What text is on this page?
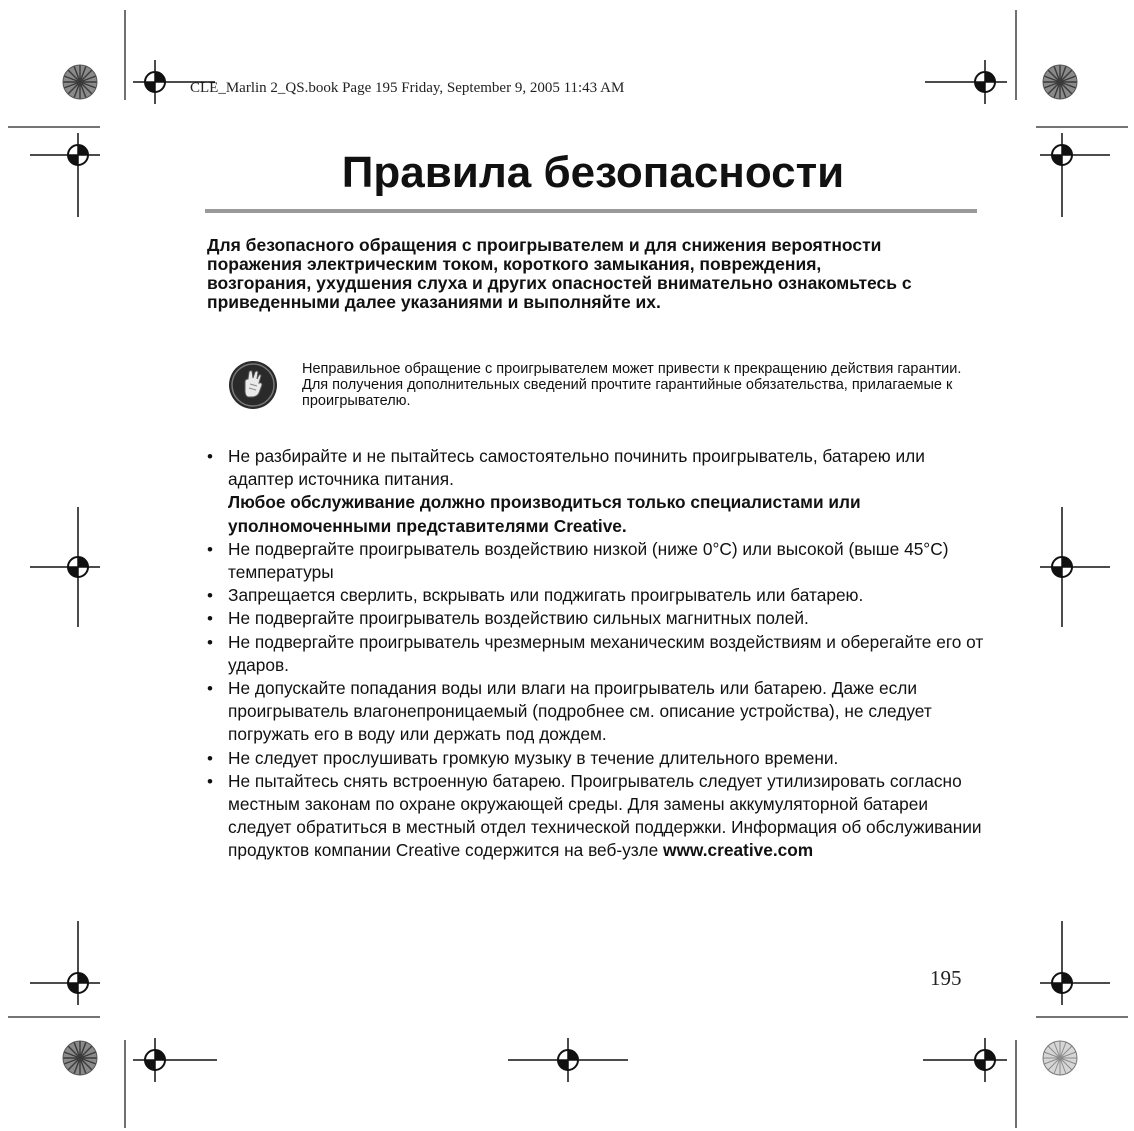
CLE_Marlin 2_QS.book Page 195 Friday, September 9, 2005 11:43 AM
Правила безопасности
Для безопасного обращения с проигрывателем и для снижения вероятности поражения электрическим током, короткого замыкания, повреждения, возгорания, ухудшения слуха и других опасностей внимательно ознакомьтесь с приведенными далее указаниями и выполняйте их.
Неправильное обращение с проигрывателем может привести к прекращению действия гарантии.
Для получения дополнительных сведений прочтите гарантийные обязательства, прилагаемые к проигрывателю.
• Не разбирайте и не пытайтесь самостоятельно починить проигрыватель, батарею или адаптер источника питания.
Любое обслуживание должно производиться только специалистами или уполномоченными представителями Creative.
• Не подвергайте проигрыватель воздействию низкой (ниже 0°C) или высокой (выше 45°C) температуры
• Запрещается сверлить, вскрывать или поджигать проигрыватель или батарею.
• Не подвергайте проигрыватель воздействию сильных магнитных полей.
• Не подвергайте проигрыватель чрезмерным механическим воздействиям и оберегайте его от ударов.
• Не допускайте попадания воды или влаги на проигрыватель или батарею. Даже если проигрыватель влагонепроницаемый (подробнее см. описание устройства), не следует погружать его в воду или держать под дождем.
• Не следует прослушивать громкую музыку в течение длительного времени.
• Не пытайтесь снять встроенную батарею. Проигрыватель следует утилизировать согласно местным законам по охране окружающей среды. Для замены аккумуляторной батареи следует обратиться в местный отдел технической поддержки. Информация об обслуживании продуктов компании Creative содержится на веб-узле www.creative.com
195
